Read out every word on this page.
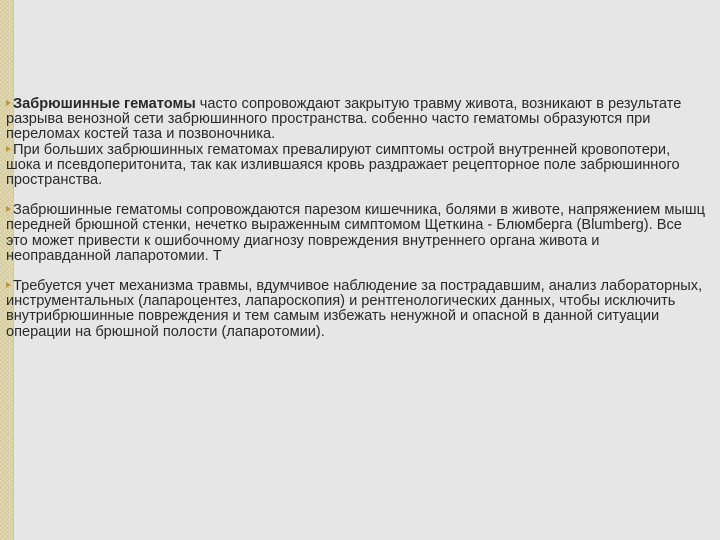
Забрюшинные гематомы часто сопровождают закрытую травму живота, возникают в результате разрыва венозной сети забрюшинного пространства. собенно часто гематомы образуются при переломах костей таза и позвоночника.

При больших забрюшинных гематомах превалируют симптомы острой внутренней кровопотери, шока и псевдоперитонита, так как излившаяся кровь раздражает рецепторное поле забрюшинного пространства.

Забрюшинные гематомы сопровождаются парезом кишечника, болями в животе, напряжением мышц передней брюшной стенки, нечетко выраженным симптомом Щеткина - Блюмберга (Blumberg). Все это может привести к ошибочному диагнозу повреждения внутреннего органа живота и неоправданной лапаротомии. Т

Требуется учет механизма травмы, вдумчивое наблюдение за пострадавшим, анализ лабораторных, инструментальных (лапароцентез, лапароскопия) и рентгенологических данных, чтобы исключить внутрибрюшинные повреждения и тем самым избежать ненужной и опасной в данной ситуации операции на брюшной полости (лапаротомии).
